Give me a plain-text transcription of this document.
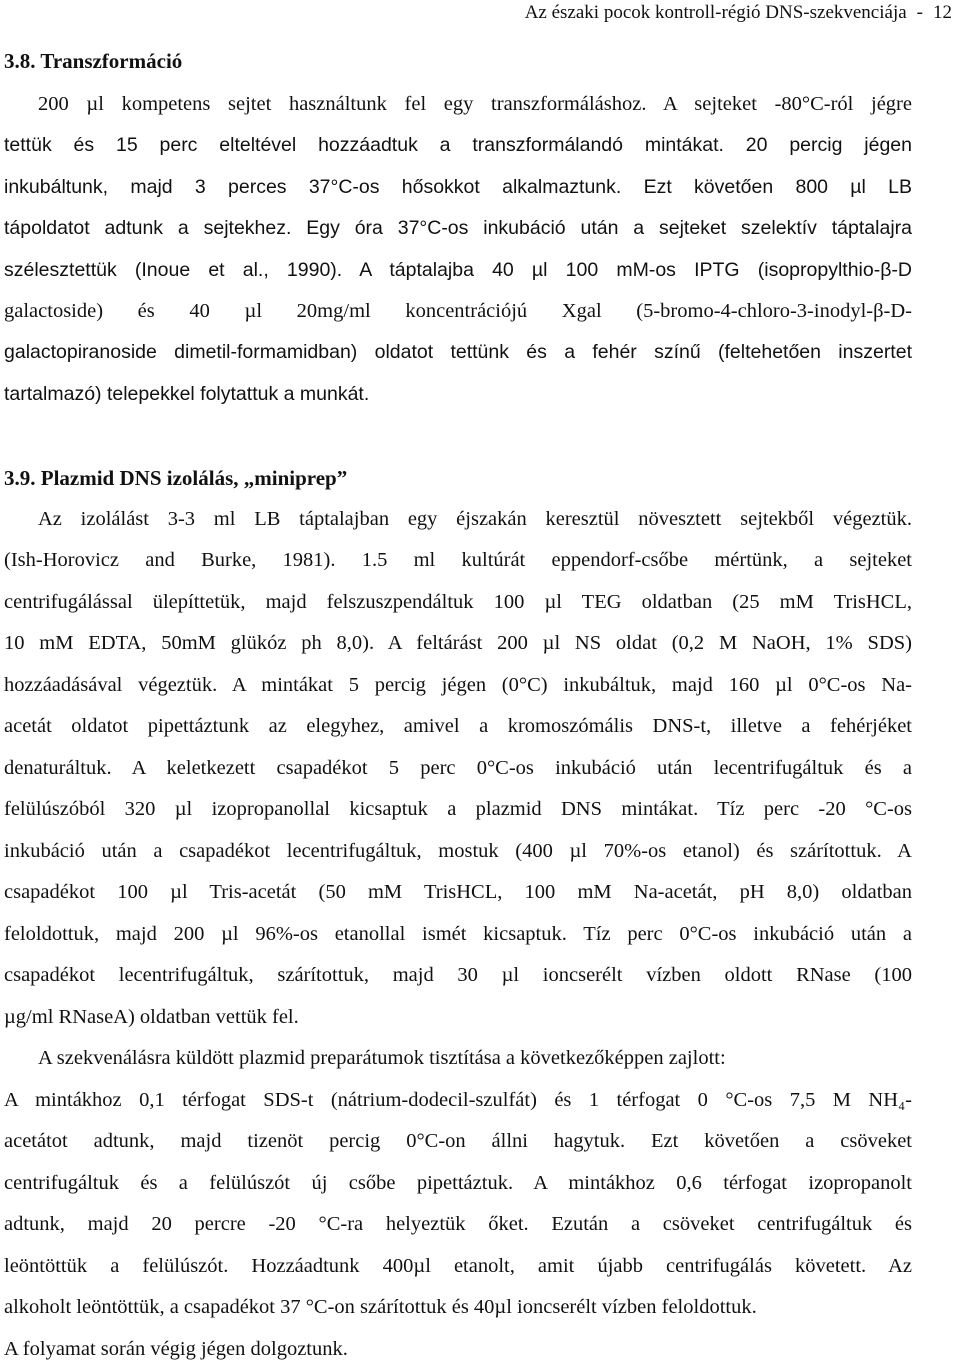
Az északi pocok kontroll-régió DNS-szekvenciája - 12
3.8. Transzformáció
200 µl kompetens sejtet használtunk fel egy transzformáláshoz. A sejteket -80°C-ról jégre
tettük és 15 perc elteltével hozzáadtuk a transzformálandó mintákat. 20 percig jégen
inkubáltunk, majd 3 perces 37°C-os hősokkot alkalmaztunk. Ezt követően 800 µl LB
tápoldatot adtunk a sejtekhez. Egy óra 37°C-os inkubáció után a sejteket szelektív táptalajra
szélesztettük (Inoue et al., 1990). A táptalajba 40 µl 100 mM-os IPTG (isopropylthio-β-D
galactoside) és 40 µl 20mg/ml koncentrációjú Xgal (5-bromo-4-chloro-3-inodyl-β-D-
galactopiranoside dimetil-formamidban) oldatot tettünk és a fehér színű (feltehetően inszertet
tartalmazó) telepekkel folytattuk a munkát.
3.9. Plazmid DNS izolálás, „miniprep”
Az izolálást 3-3 ml LB táptalajban egy éjszakán keresztül növesztett sejtekből végeztük.
(Ish-Horovicz and Burke, 1981). 1.5 ml kultúrát eppendorf-csőbe mértünk, a sejteket
centrifugálással ülepíttetük, majd felszuszpendáltuk 100 µl TEG oldatban (25 mM TrisHCL,
10 mM EDTA, 50mM glükóz ph 8,0). A feltárást 200 µl NS oldat (0,2 M NaOH, 1% SDS)
hozzáadásával végeztük. A mintákat 5 percig jégen (0°C) inkubáltuk, majd 160 µl 0°C-os Na-
acetát oldatot pipettáztunk az elegyhez, amivel a kromoszómális DNS-t, illetve a fehérjéket
denaturáltuk. A keletkezett csapadékot 5 perc 0°C-os inkubáció után lecentrifugáltuk és a
felülúszóból 320 µl izopropanollal kicsaptuk a plazmid DNS mintákat. Tíz perc -20 °C-os
inkubáció után a csapadékot lecentrifugáltuk, mostuk (400 µl 70%-os etanol) és szárítottuk. A
csapadékot 100 µl Tris-acetát (50 mM TrisHCL, 100 mM Na-acetát, pH 8,0) oldatban
feloldottuk, majd 200 µl 96%-os etanollal ismét kicsaptuk. Tíz perc 0°C-os inkubáció után a
csapadékot lecentrifugáltuk, szárítottuk, majd 30 µl ioncserélt vízben oldott RNase (100
µg/ml RNaseA) oldatban vettük fel.
A szekvenálásra küldött plazmid preparátumok tisztítása a következőképpen zajlott:
A mintákhoz 0,1 térfogat SDS-t (nátrium-dodecil-szulfát) és 1 térfogat 0 °C-os 7,5 M NH₄-
acetátot adtunk, majd tizenöt percig 0°C-on állni hagytuk. Ezt követően a csöveket
centrifugáltuk és a felülúszót új csőbe pipettáztuk. A mintákhoz 0,6 térfogat izopropanolt
adtunk, majd 20 percre -20 °C-ra helyeztük őket. Ezután a csöveket centrifugáltuk és
leöntöttük a felülúszót. Hozzáadtunk 400µl etanolt, amit újabb centrifugálás követett. Az
alkoholt leöntöttük, a csapadékot 37 °C-on szárítottuk és 40µl ioncserélt vízben feloldottuk.
A folyamat során végig jégen dolgoztunk.
